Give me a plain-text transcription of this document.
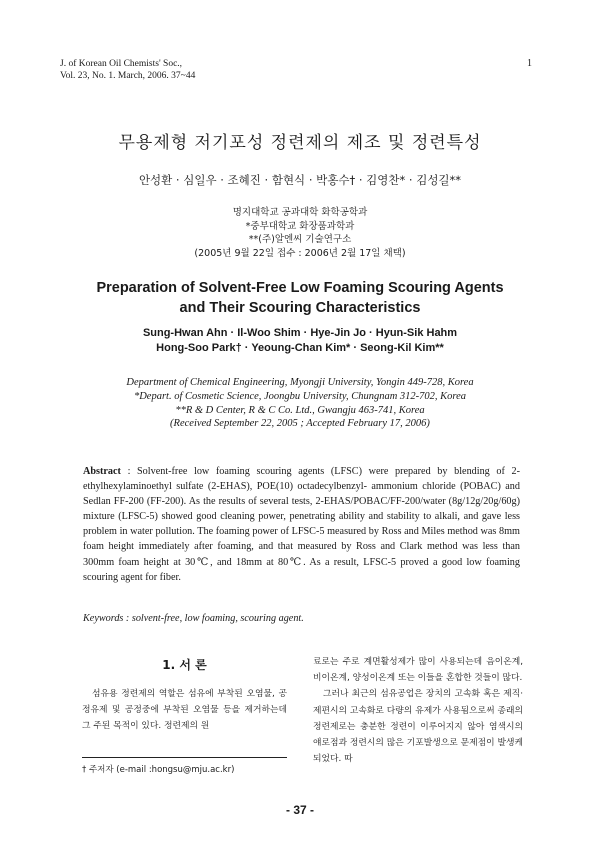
J. of Korean Oil Chemists' Soc.,
Vol. 23, No. 1. March, 2006. 37~44
1
무용제형 저기포성 정련제의 제조 및 정련특성
안성환 · 심일우 · 조혜진 · 함현식 · 박홍수† · 김영찬* · 김성길**
명지대학교 공과대학 화학공학과
*중부대학교 화장품과학과
**(주)알엔씨 기술연구소
(2005년 9월 22일 접수 : 2006년 2월 17일 채택)
Preparation of Solvent-Free Low Foaming Scouring Agents
and Their Scouring Characteristics
Sung-Hwan Ahn · Il-Woo Shim · Hye-Jin Jo · Hyun-Sik Hahm
Hong-Soo Park† · Yeoung-Chan Kim* · Seong-Kil Kim**
Department of Chemical Engineering, Myongji University, Yongin 449-728, Korea
*Depart. of Cosmetic Science, Joongbu University, Chungnam 312-702, Korea
**R & D Center, R & C Co. Ltd., Gwangju 463-741, Korea
(Received September 22, 2005 ; Accepted February 17, 2006)
Abstract : Solvent-free low foaming scouring agents (LFSC) were prepared by blending of 2-ethylhexylaminoethyl sulfate (2-EHAS), POE(10) octadecylbenzyl- ammonium chloride (POBAC) and Sedlan FF-200 (FF-200). As the results of several tests, 2-EHAS/POBAC/FF-200/water (8g/12g/20g/60g) mixture (LFSC-5) showed good cleaning power, penetrating ability and stability to alkali, and gave less problem in water pollution. The foaming power of LFSC-5 measured by Ross and Miles method was 8mm foam height immediately after foaming, and that measured by Ross and Clark method was less than 300mm foam height at 30℃, and 18mm at 80℃. As a result, LFSC-5 proved a good low foaming scouring agent for fiber.
Keywords : solvent-free, low foaming, scouring agent.
1. 서 론
섬유용 정련제의 역할은 섬유에 부착된 오염물, 공정유제 및 공정중에 부착된 오염물 등을 제거하는데 그 주된 목적이 있다. 정련제의 원

료로는 주로 계면활성제가 많이 사용되는데 음이온계, 비이온계, 양성이온계 또는 이들을 혼합한 것들이 많다.

그러나 최근의 섬유공업은 장치의 고속화 혹은 제직·제편시의 고속화로 다량의 유제가 사용됨으로써 종래의 정련제로는 충분한 정련이 이루어지지 않아 염색시의 얘로점과 정련시의 많은 기포발생으로 문제점이 발생케 되었다. 따

† 주저자 (e-mail :hongsu@mju.ac.kr)
- 37 -
